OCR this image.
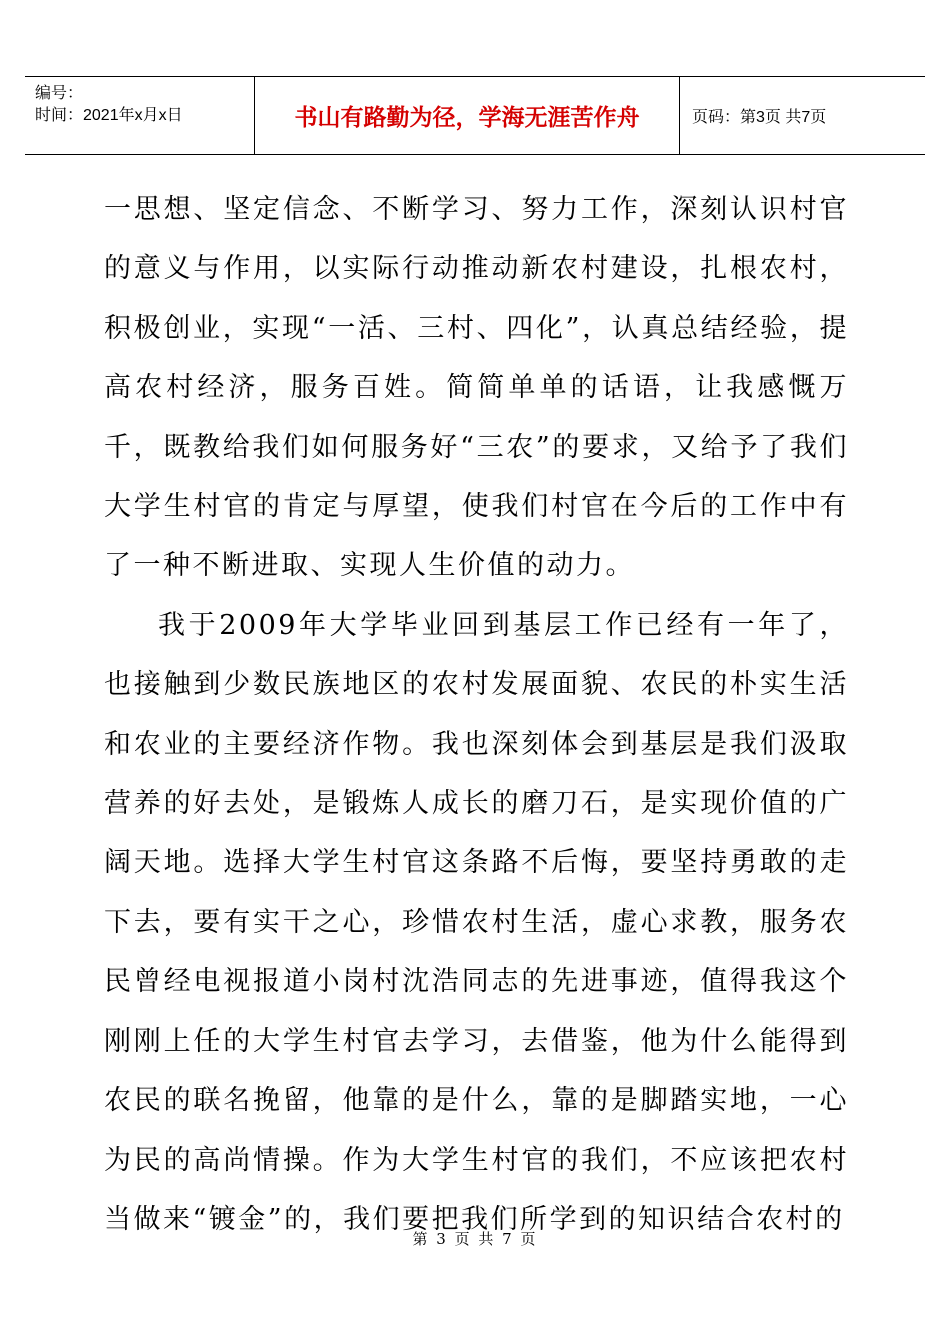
编号：
时间：2021年x月x日	书山有路勤为径，学海无涯苦作舟	页码：第3页 共7页

一思想、坚定信念、不断学习、努力工作，深刻认识村官的意义与作用，以实际行动推动新农村建设，扎根农村，积极创业，实现“一活、三村、四化”，认真总结经验，提高农村经济，服务百姓。简简单单的话语，让我感慨万千，既教给我们如何服务好“三农”的要求，又给予了我们大学生村官的肯定与厚望，使我们村官在今后的工作中有了一种不断进取、实现人生价值的动力。

我于2009年大学毕业回到基层工作已经有一年了，也接触到少数民族地区的农村发展面貌、农民的朴实生活和农业的主要经济作物。我也深刻体会到基层是我们汲取营养的好去处，是锻炼人成长的磨刀石，是实现价值的广阔天地。选择大学生村官这条路不后悔，要坚持勇敢的走下去，要有实干之心，珍惜农村生活，虚心求教，服务农民曾经电视报道小岗村沈浩同志的先进事迹，值得我这个刚刚上任的大学生村官去学习，去借鉴，他为什么能得到农民的联名挽留，他靠的是什么，靠的是脚踏实地，一心为民的高尚情操。作为大学生村官的我们，不应该把农村当做来“镀金”的，我们要把我们所学到的知识结合农村的

第 3 页 共 7 页
